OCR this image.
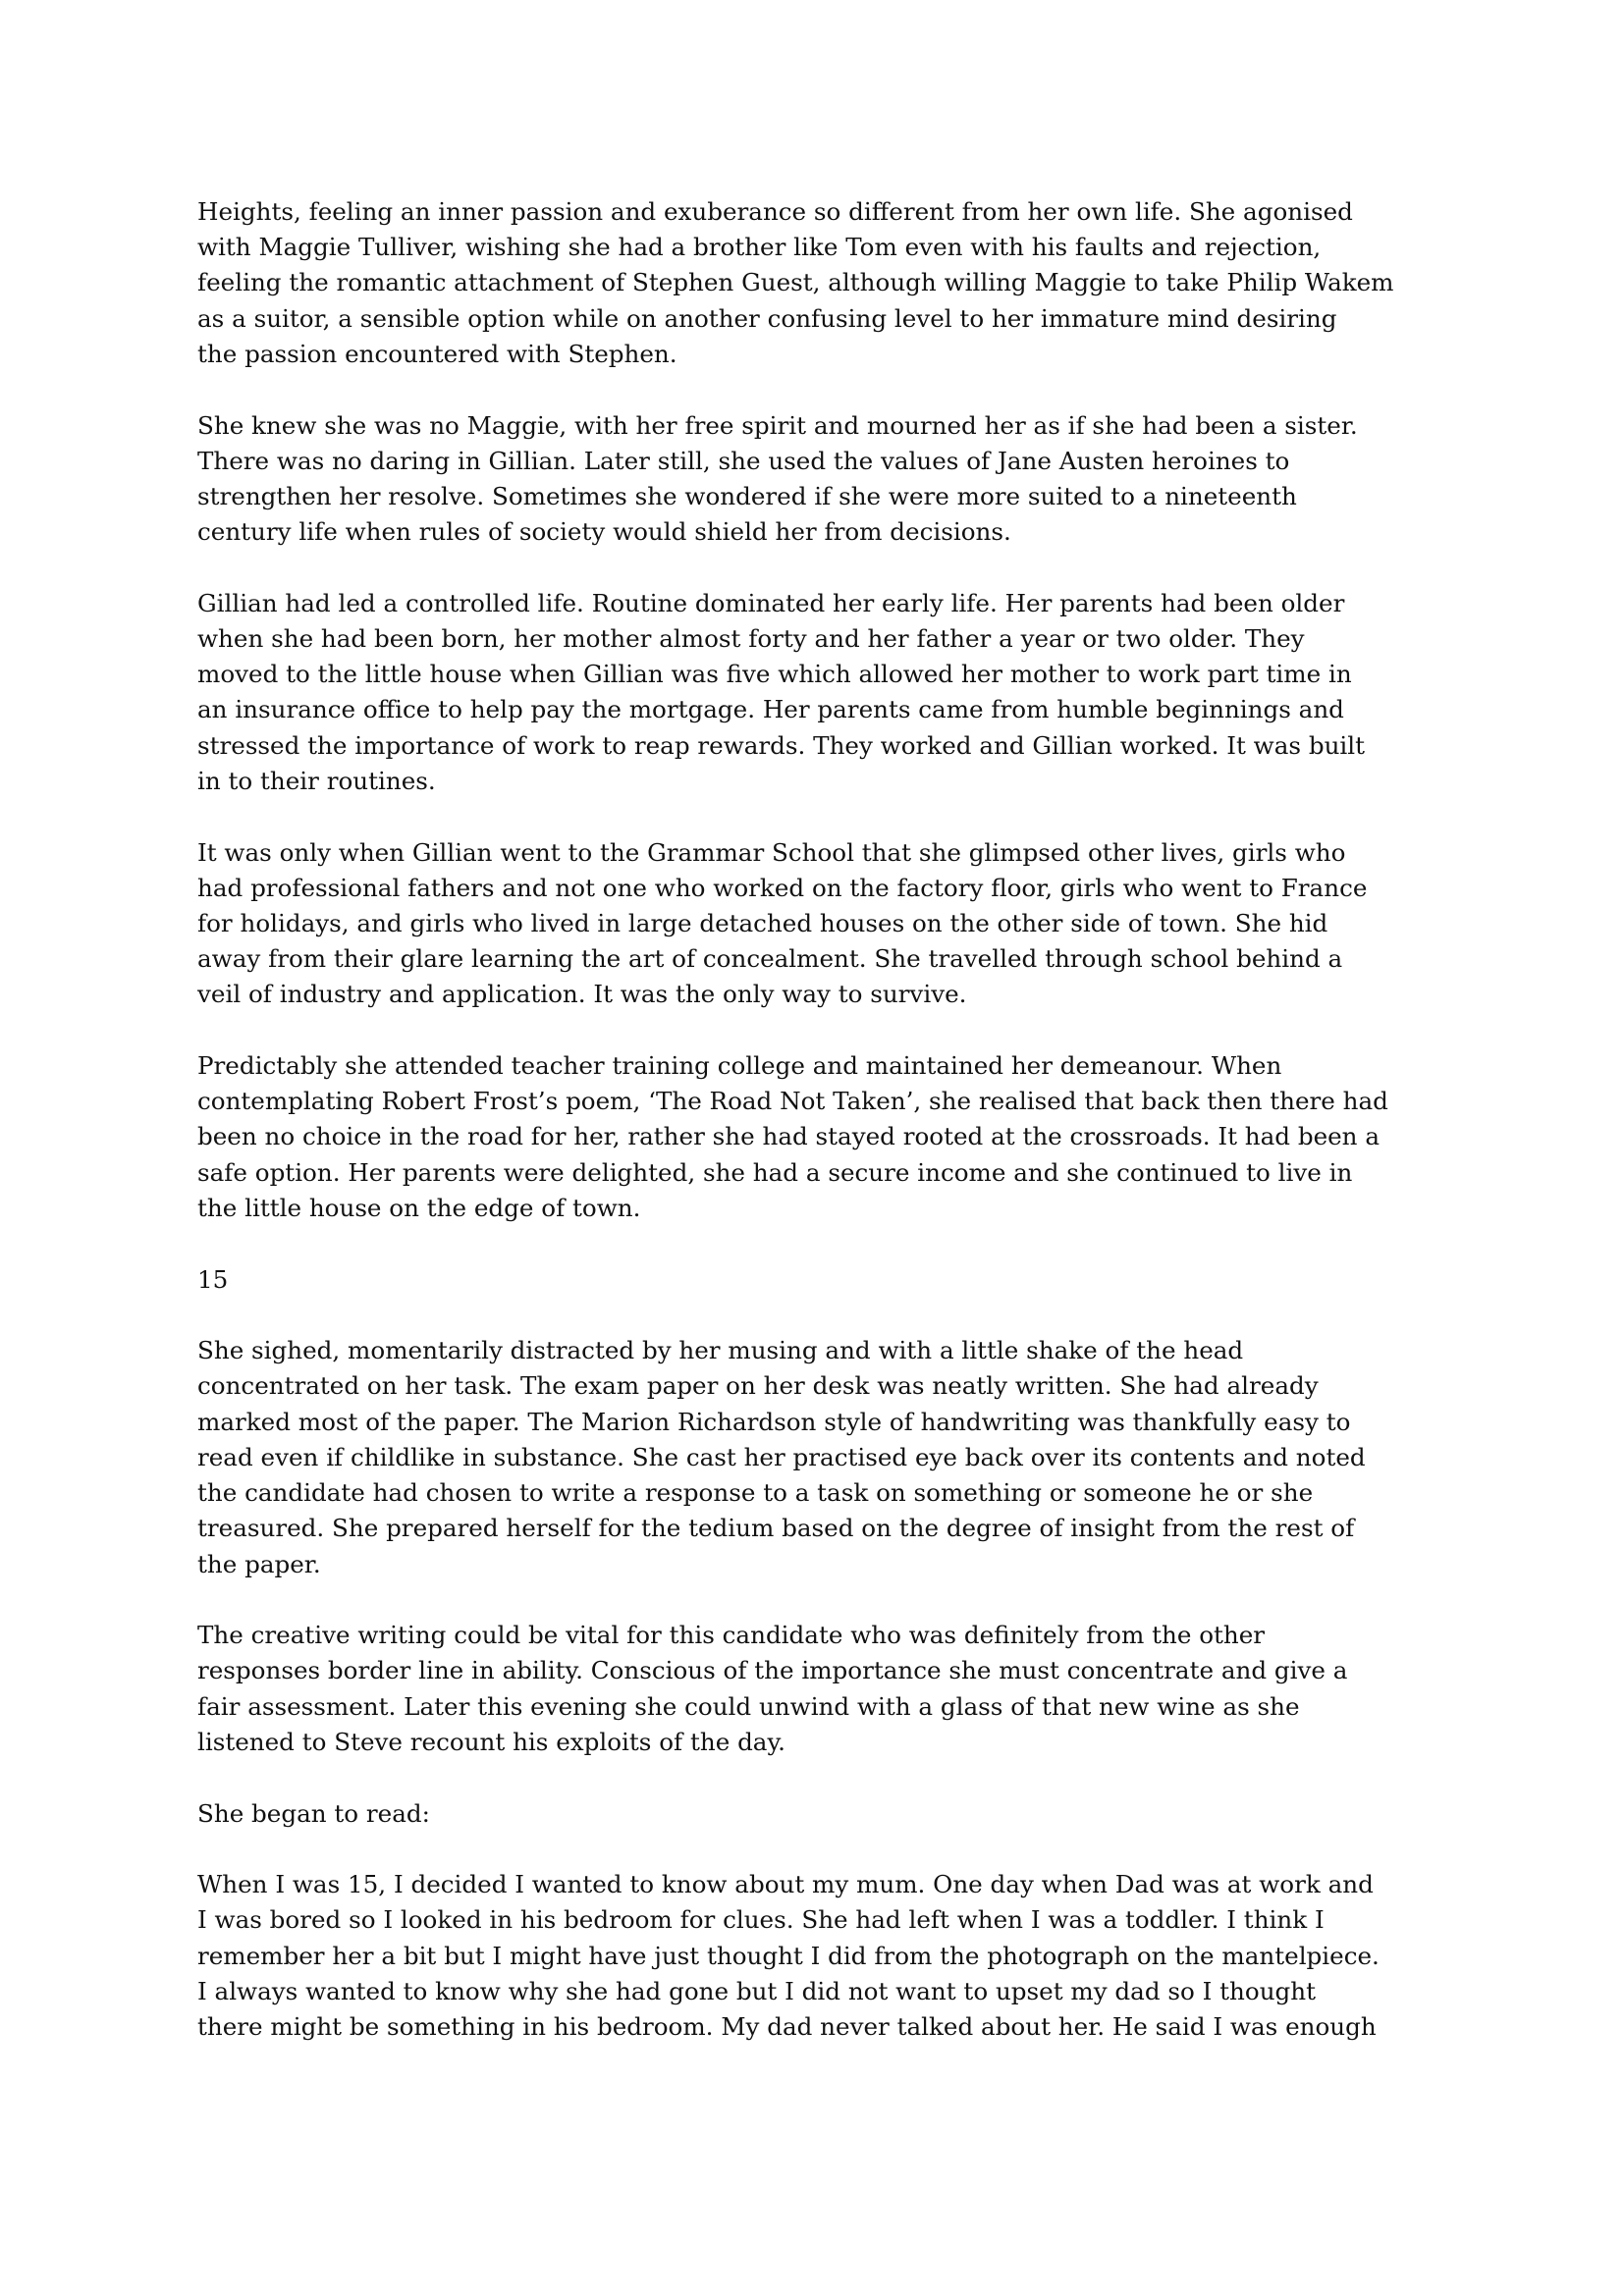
Heights, feeling an inner passion and exuberance so different from her own life. She agonised
with Maggie Tulliver, wishing she had a brother like Tom even with his faults and rejection,
feeling the romantic attachment of Stephen Guest, although willing Maggie to take Philip Wakem
as a suitor, a sensible option while on another confusing level to her immature mind desiring
the passion encountered with Stephen.

She knew she was no Maggie, with her free spirit and mourned her as if she had been a sister.
There was no daring in Gillian. Later still, she used the values of Jane Austen heroines to
strengthen her resolve. Sometimes she wondered if she were more suited to a nineteenth
century life when rules of society would shield her from decisions.

Gillian had led a controlled life. Routine dominated her early life. Her parents had been older
when she had been born, her mother almost forty and her father a year or two older. They
moved to the little house when Gillian was five which allowed her mother to work part time in
an insurance office to help pay the mortgage. Her parents came from humble beginnings and
stressed the importance of work to reap rewards. They worked and Gillian worked. It was built
in to their routines.

It was only when Gillian went to the Grammar School that she glimpsed other lives, girls who
had professional fathers and not one who worked on the factory floor, girls who went to France
for holidays, and girls who lived in large detached houses on the other side of town. She hid
away from their glare learning the art of concealment. She travelled through school behind a
veil of industry and application. It was the only way to survive.

Predictably she attended teacher training college and maintained her demeanour. When
contemplating Robert Frost’s poem, ‘The Road Not Taken’, she realised that back then there had
been no choice in the road for her, rather she had stayed rooted at the crossroads. It had been a
safe option. Her parents were delighted, she had a secure income and she continued to live in
the little house on the edge of town.

15

She sighed, momentarily distracted by her musing and with a little shake of the head
concentrated on her task. The exam paper on her desk was neatly written. She had already
marked most of the paper. The Marion Richardson style of handwriting was thankfully easy to
read even if childlike in substance. She cast her practised eye back over its contents and noted
the candidate had chosen to write a response to a task on something or someone he or she
treasured. She prepared herself for the tedium based on the degree of insight from the rest of
the paper.

The creative writing could be vital for this candidate who was definitely from the other
responses border line in ability. Conscious of the importance she must concentrate and give a
fair assessment. Later this evening she could unwind with a glass of that new wine as she
listened to Steve recount his exploits of the day.

She began to read:

When I was 15, I decided I wanted to know about my mum. One day when Dad was at work and
I was bored so I looked in his bedroom for clues. She had left when I was a toddler. I think I
remember her a bit but I might have just thought I did from the photograph on the mantelpiece.
I always wanted to know why she had gone but I did not want to upset my dad so I thought
there might be something in his bedroom. My dad never talked about her. He said I was enough
